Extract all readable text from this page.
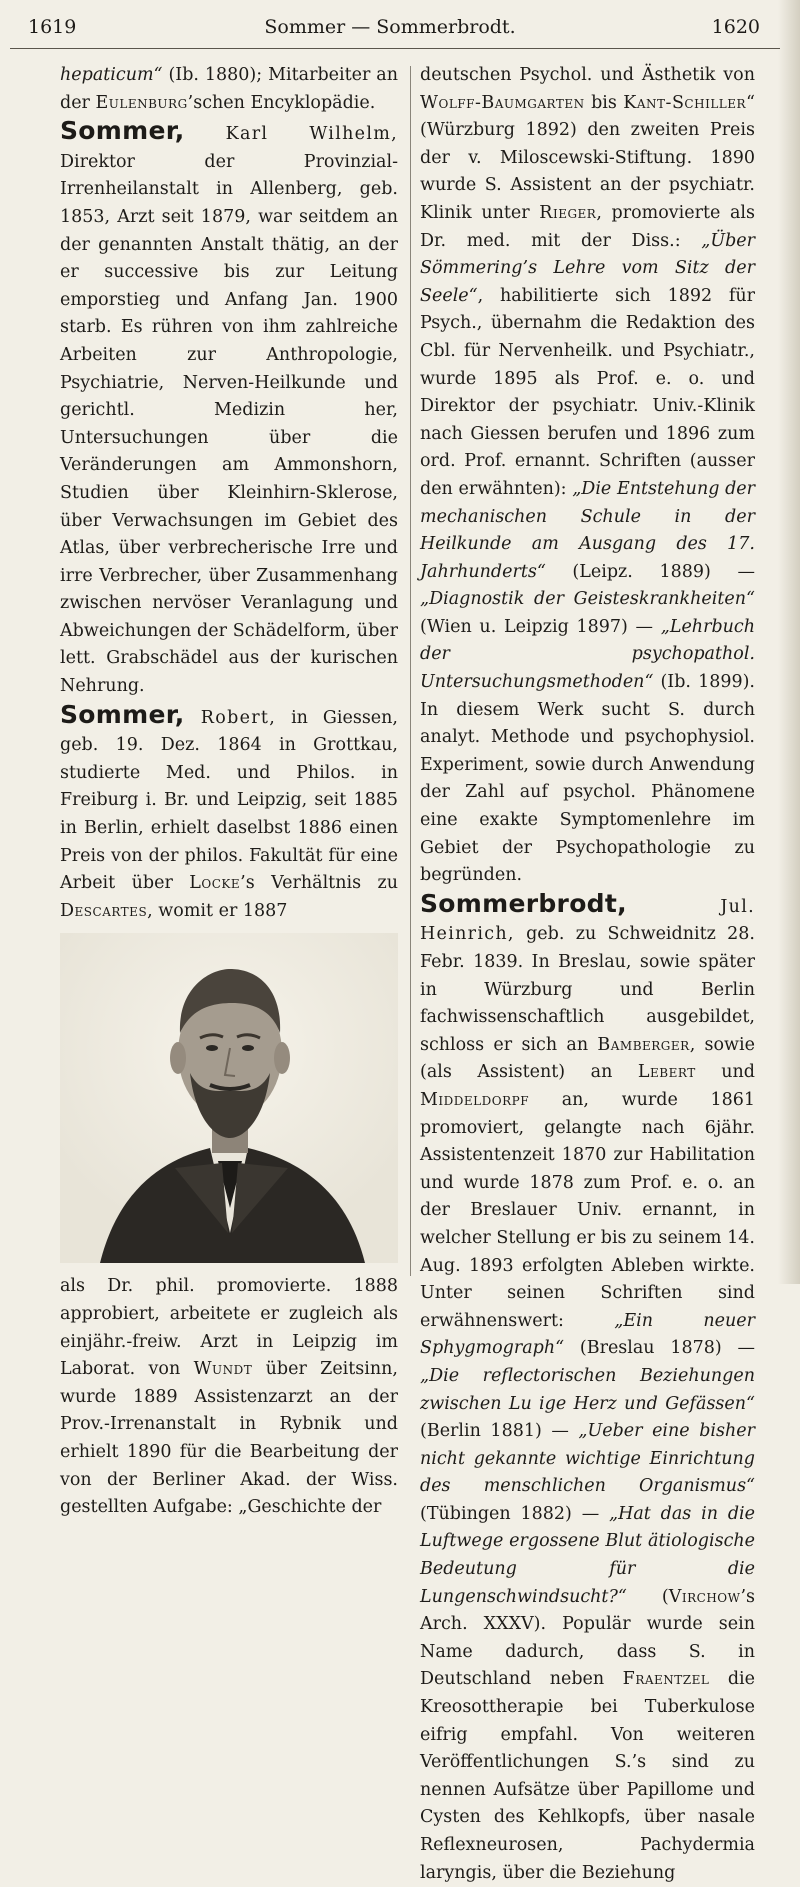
1619	Sommer — Sommerbrodt.	1620

hepaticum“ (Ib. 1880); Mitarbeiter an der Eulenburg’schen Encyklopädie.

Sommer, Karl Wilhelm, Direktor der Provinzial-Irrenheilanstalt in Allenberg, geb. 1853, Arzt seit 1879, war seitdem an der genannten Anstalt thätig, an der er successive bis zur Leitung emporstieg und Anfang Jan. 1900 starb. Es rühren von ihm zahlreiche Arbeiten zur Anthropologie, Psychiatrie, Nerven-Heilkunde und gerichtl. Medizin her, Untersuchungen über die Veränderungen am Ammonshorn, Studien über Kleinhirn-Sklerose, über Verwachsungen im Gebiet des Atlas, über verbrecherische Irre und irre Verbrecher, über Zusammenhang zwischen nervöser Veranlagung und Abweichungen der Schädelform, über lett. Grabschädel aus der kurischen Nehrung.

Sommer, Robert, in Giessen, geb. 19. Dez. 1864 in Grottkau, studierte Med. und Philos. in Freiburg i. Br. und Leipzig, seit 1885 in Berlin, erhielt daselbst 1886 einen Preis von der philos. Fakultät für eine Arbeit über Locke’s Verhältnis zu Descartes, womit er 1887

als Dr. phil. promovierte. 1888 approbiert, arbeitete er zugleich als einjähr.-freiw. Arzt in Leipzig im Laborat. von Wundt über Zeitsinn, wurde 1889 Assistenzarzt an der Prov.-Irrenanstalt in Rybnik und erhielt 1890 für die Bearbeitung der von der Berliner Akad. der Wiss. gestellten Aufgabe: „Geschichte der

deutschen Psychol. und Ästhetik von Wolff-Baumgarten bis Kant-Schiller“ (Würzburg 1892) den zweiten Preis der v. Miloscewski-Stiftung. 1890 wurde S. Assistent an der psychiatr. Klinik unter Rieger, promovierte als Dr. med. mit der Diss.: „Über Sömmering’s Lehre vom Sitz der Seele“, habilitierte sich 1892 für Psych., übernahm die Redaktion des Cbl. für Nervenheilk. und Psychiatr., wurde 1895 als Prof. e. o. und Direktor der psychiatr. Univ.-Klinik nach Giessen berufen und 1896 zum ord. Prof. ernannt. Schriften (ausser den erwähnten): „Die Entstehung der mechanischen Schule in der Heilkunde am Ausgang des 17. Jahrhunderts“ (Leipz. 1889) — „Diagnostik der Geisteskrankheiten“ (Wien u. Leipzig 1897) — „Lehrbuch der psychopathol. Untersuchungsmethoden“ (Ib. 1899). In diesem Werk sucht S. durch analyt. Methode und psychophysiol. Experiment, sowie durch Anwendung der Zahl auf psychol. Phänomene eine exakte Symptomenlehre im Gebiet der Psychopathologie zu begründen.

Sommerbrodt, Jul. Heinrich, geb. zu Schweidnitz 28. Febr. 1839. In Breslau, sowie später in Würzburg und Berlin fachwissenschaftlich ausgebildet, schloss er sich an Bamberger, sowie (als Assistent) an Lebert und Middeldorpf an, wurde 1861 promoviert, gelangte nach 6jähr. Assistentenzeit 1870 zur Habilitation und wurde 1878 zum Prof. e. o. an der Breslauer Univ. ernannt, in welcher Stellung er bis zu seinem 14. Aug. 1893 erfolgten Ableben wirkte. Unter seinen Schriften sind erwähnenswert: „Ein neuer Sphygmograph“ (Breslau 1878) — „Die reflectorischen Beziehungen zwischen Lu ige Herz und Gefässen“ (Berlin 1881) — „Ueber eine bisher nicht gekannte wichtige Einrichtung des menschlichen Organismus“ (Tübingen 1882) — „Hat das in die Luftwege ergossene Blut ätiologische Bedeutung für die Lungenschwindsucht?“ (Virchow’s Arch. XXXV). Populär wurde sein Name dadurch, dass S. in Deutschland neben Fraentzel die Kreosottherapie bei Tuberkulose eifrig empfahl. Von weiteren Veröffentlichungen S.’s sind zu nennen Aufsätze über Papillome und Cysten des Kehlkopfs, über nasale Reflexneurosen, Pachydermia laryngis, über die Beziehung
